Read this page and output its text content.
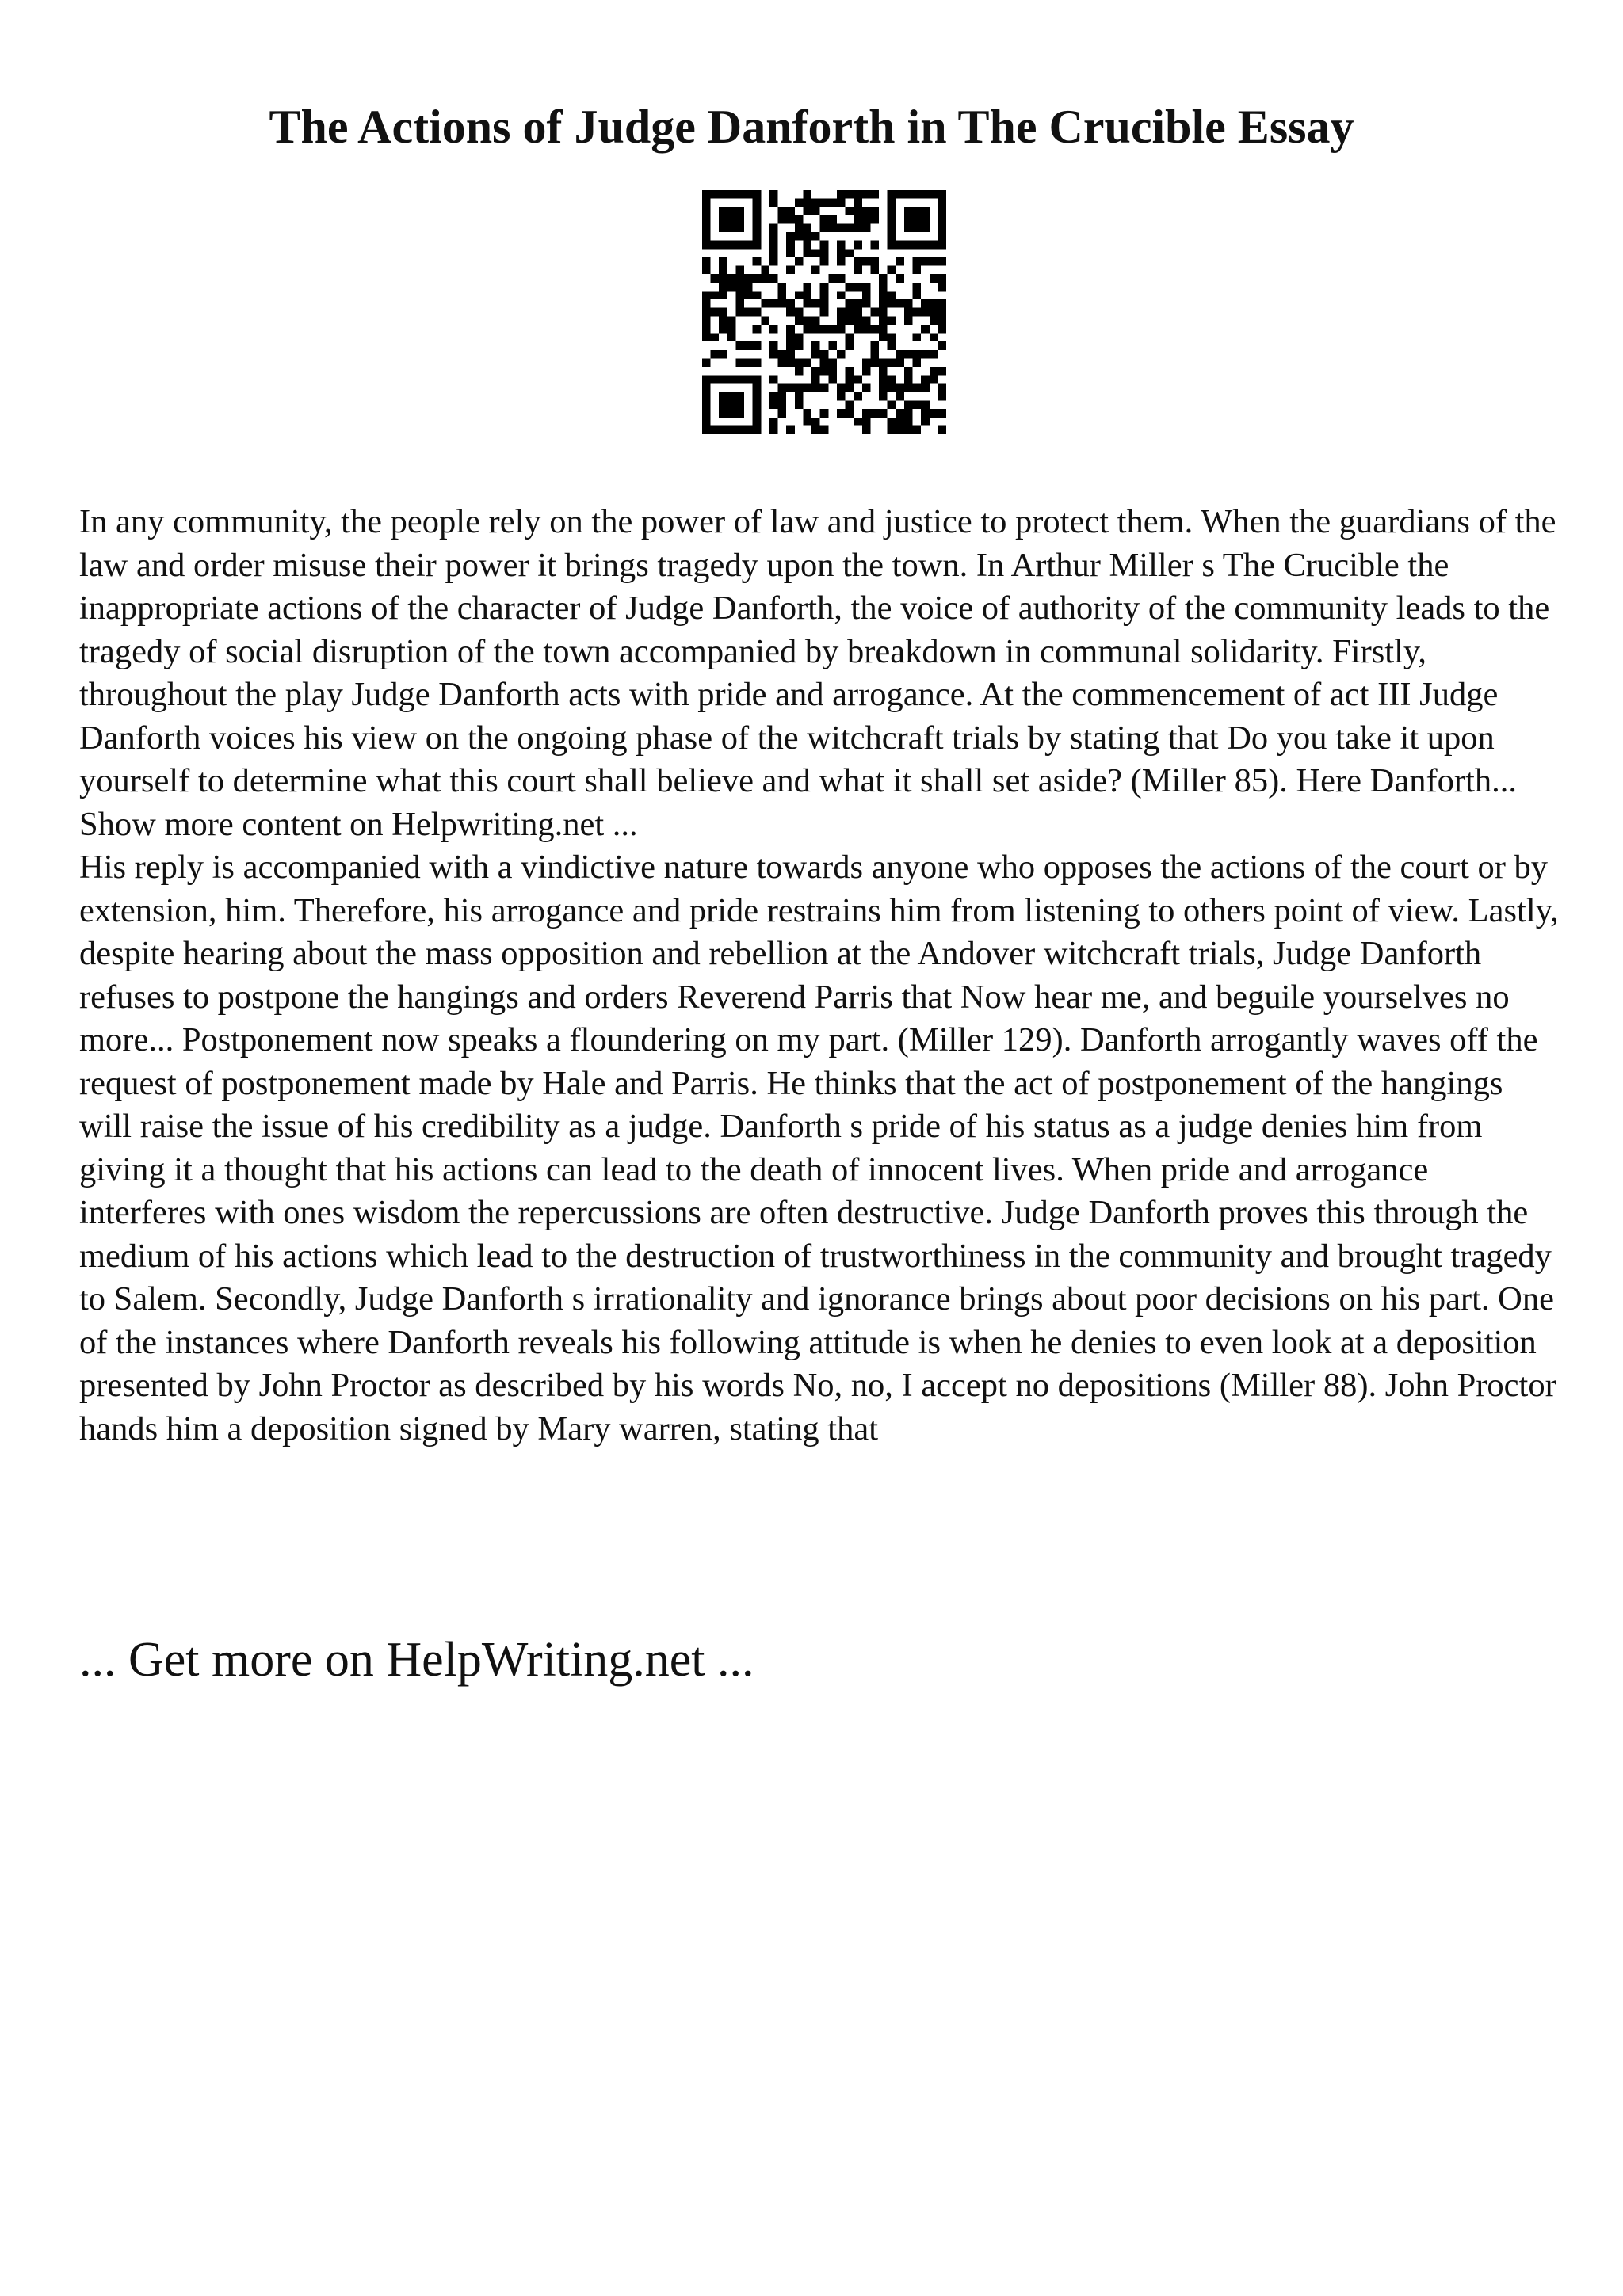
The Actions of Judge Danforth in The Crucible Essay

In any community, the people rely on the power of law and justice to protect them. When the guardians of the law and order misuse their power it brings tragedy upon the town. In Arthur Miller s The Crucible the inappropriate actions of the character of Judge Danforth, the voice of authority of the community leads to the tragedy of social disruption of the town accompanied by breakdown in communal solidarity. Firstly, throughout the play Judge Danforth acts with pride and arrogance. At the commencement of act III Judge Danforth voices his view on the ongoing phase of the witchcraft trials by stating that Do you take it upon yourself to determine what this court shall believe and what it shall set aside? (Miller 85). Here Danforth... Show more content on Helpwriting.net ...

His reply is accompanied with a vindictive nature towards anyone who opposes the actions of the court or by extension, him. Therefore, his arrogance and pride restrains him from listening to others point of view. Lastly, despite hearing about the mass opposition and rebellion at the Andover witchcraft trials, Judge Danforth refuses to postpone the hangings and orders Reverend Parris that Now hear me, and beguile yourselves no more... Postponement now speaks a floundering on my part. (Miller 129). Danforth arrogantly waves off the request of postponement made by Hale and Parris. He thinks that the act of postponement of the hangings will raise the issue of his credibility as a judge. Danforth s pride of his status as a judge denies him from giving it a thought that his actions can lead to the death of innocent lives. When pride and arrogance interferes with ones wisdom the repercussions are often destructive. Judge Danforth proves this through the medium of his actions which lead to the destruction of trustworthiness in the community and brought tragedy to Salem. Secondly, Judge Danforth s irrationality and ignorance brings about poor decisions on his part. One of the instances where Danforth reveals his following attitude is when he denies to even look at a deposition presented by John Proctor as described by his words No, no, I accept no depositions (Miller 88). John Proctor hands him a deposition signed by Mary warren, stating that

... Get more on HelpWriting.net ...
